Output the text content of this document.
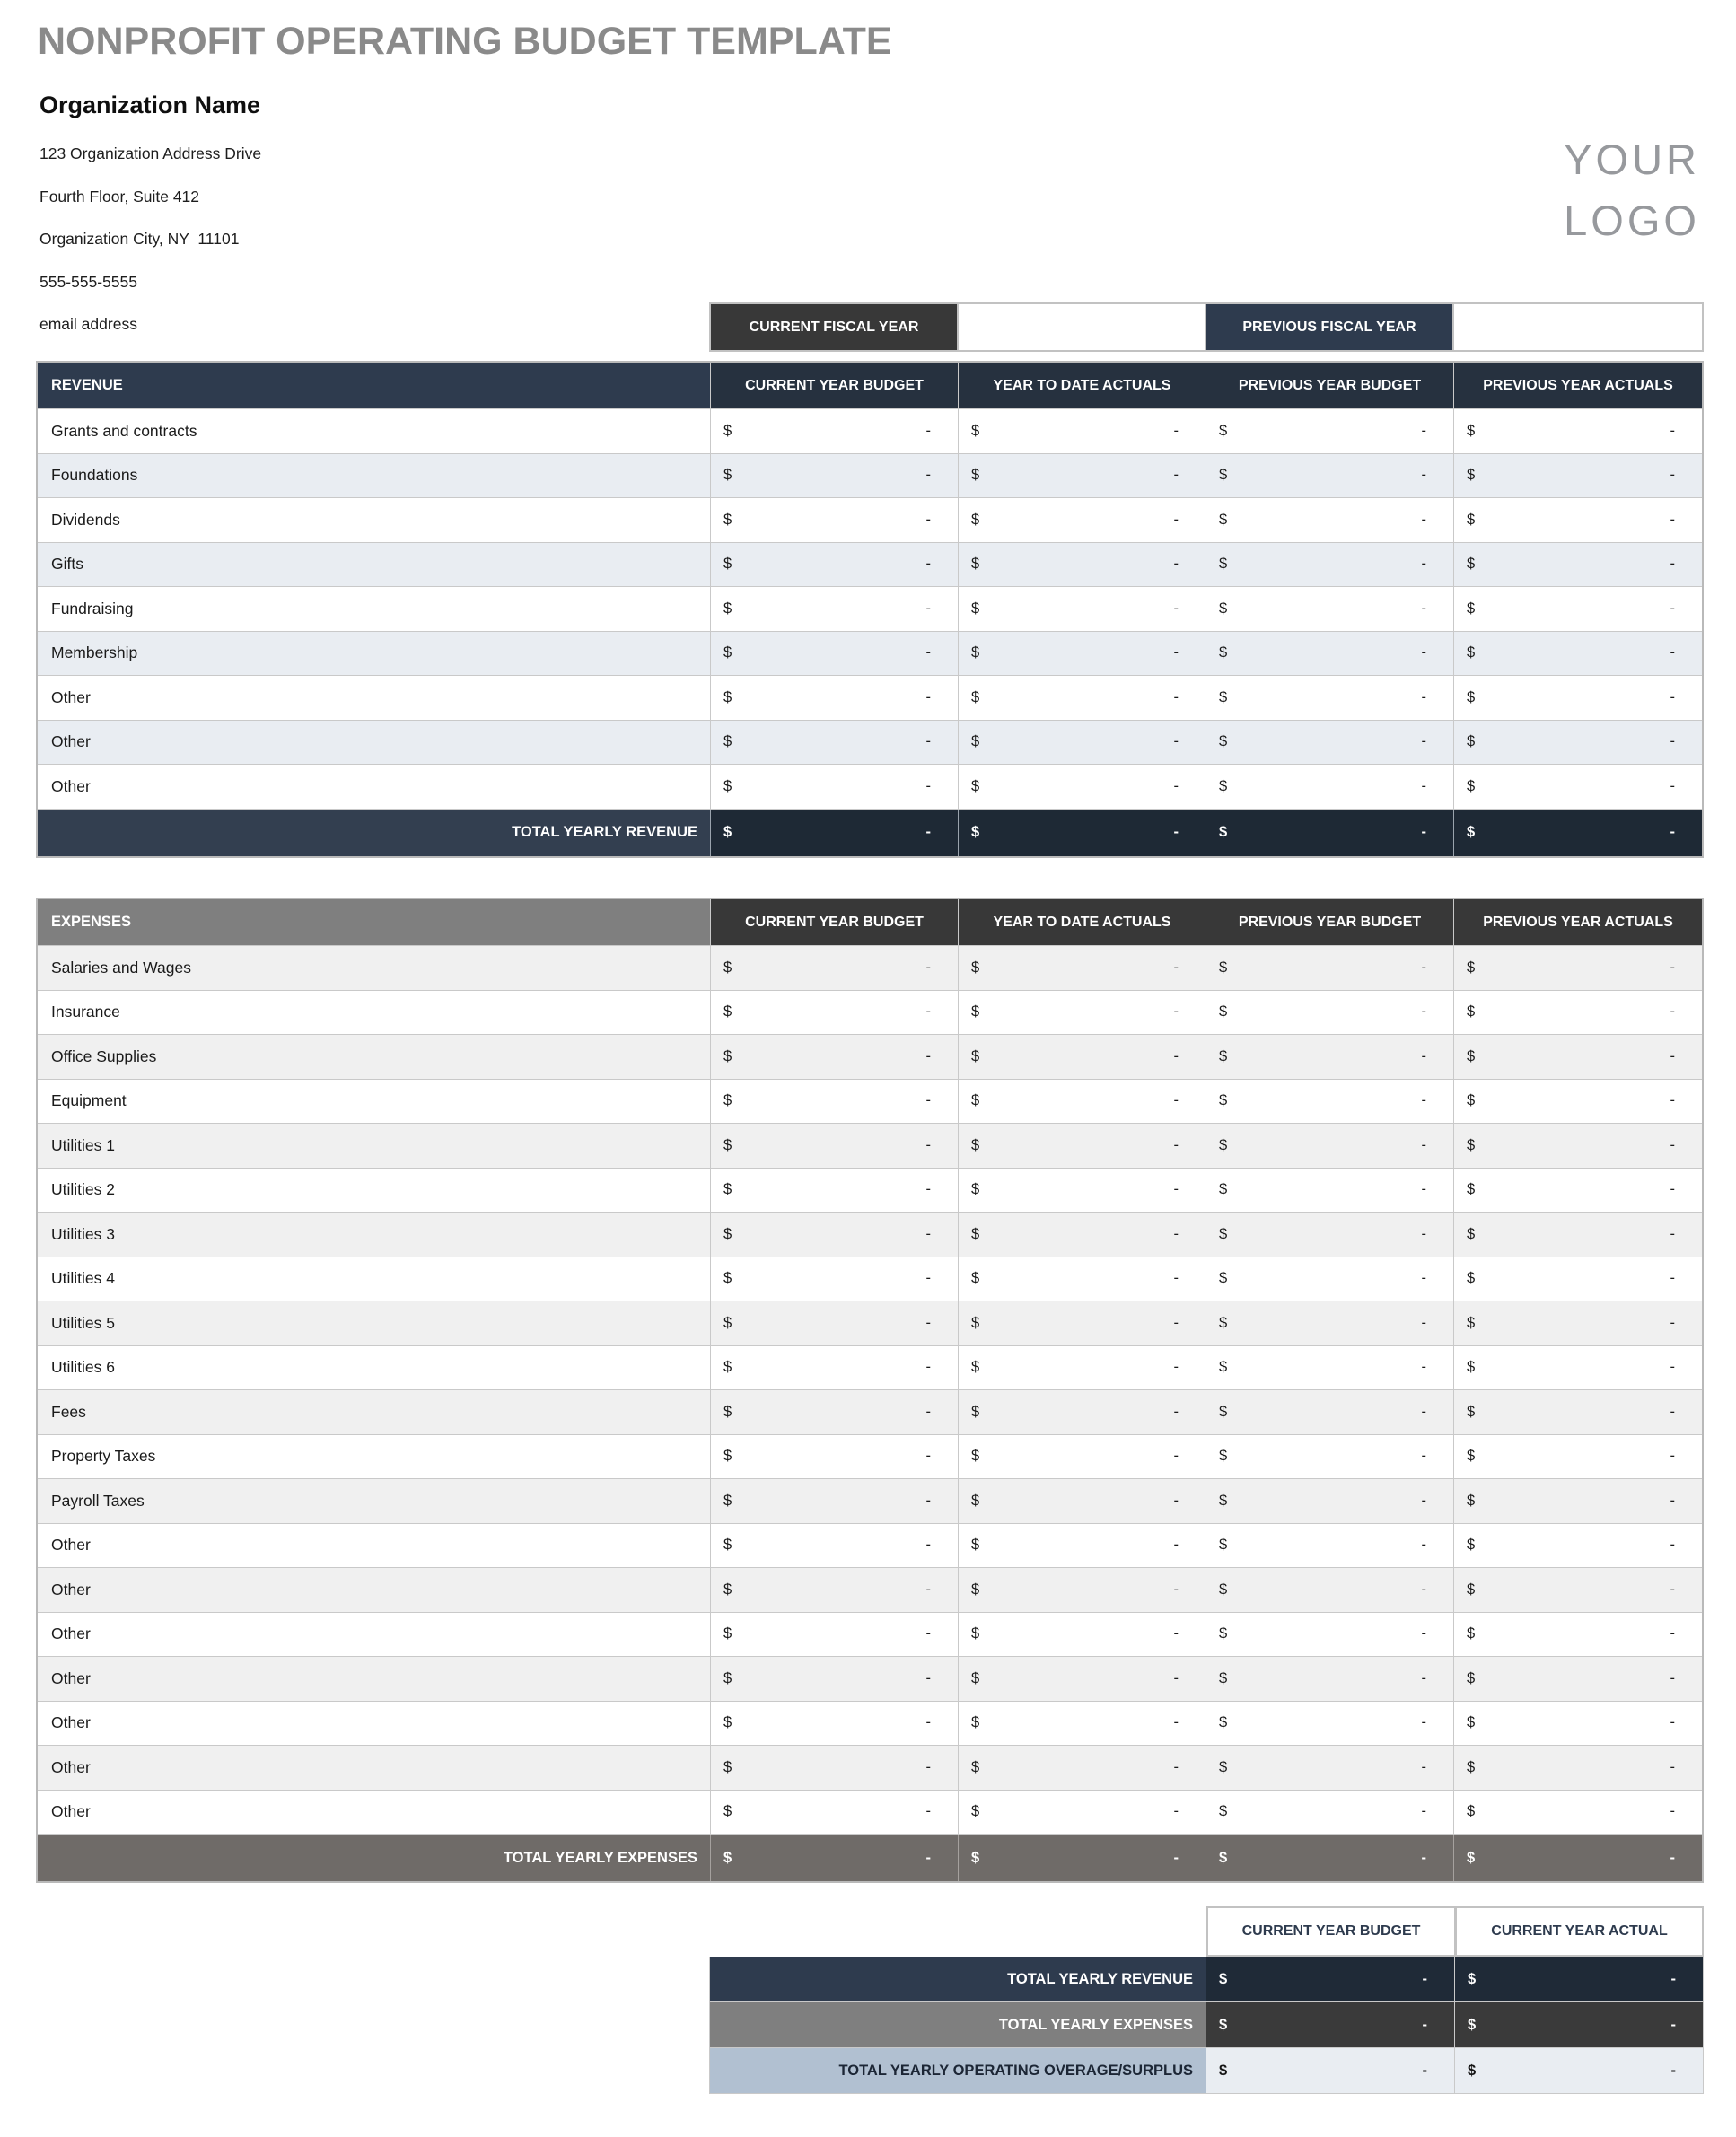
NONPROFIT OPERATING BUDGET TEMPLATE
Organization Name
123 Organization Address Drive
Fourth Floor, Suite 412
Organization City, NY  11101
555-555-5555
email address
YOUR
LOGO
CURRENT FISCAL YEAR	PREVIOUS FISCAL YEAR
REVENUE	CURRENT YEAR BUDGET	YEAR TO DATE ACTUALS	PREVIOUS YEAR BUDGET	PREVIOUS YEAR ACTUALS
Grants and contracts	$	-	$	-	$	-	$	-
Foundations	$	-	$	-	$	-	$	-
Dividends	$	-	$	-	$	-	$	-
Gifts	$	-	$	-	$	-	$	-
Fundraising	$	-	$	-	$	-	$	-
Membership	$	-	$	-	$	-	$	-
Other	$	-	$	-	$	-	$	-
Other	$	-	$	-	$	-	$	-
Other	$	-	$	-	$	-	$	-
TOTAL YEARLY REVENUE	$	-	$	-	$	-	$	-
EXPENSES	CURRENT YEAR BUDGET	YEAR TO DATE ACTUALS	PREVIOUS YEAR BUDGET	PREVIOUS YEAR ACTUALS
Salaries and Wages	$	-	$	-	$	-	$	-
Insurance	$	-	$	-	$	-	$	-
Office Supplies	$	-	$	-	$	-	$	-
Equipment	$	-	$	-	$	-	$	-
Utilities 1	$	-	$	-	$	-	$	-
Utilities 2	$	-	$	-	$	-	$	-
Utilities 3	$	-	$	-	$	-	$	-
Utilities 4	$	-	$	-	$	-	$	-
Utilities 5	$	-	$	-	$	-	$	-
Utilities 6	$	-	$	-	$	-	$	-
Fees	$	-	$	-	$	-	$	-
Property Taxes	$	-	$	-	$	-	$	-
Payroll Taxes	$	-	$	-	$	-	$	-
Other	$	-	$	-	$	-	$	-
Other	$	-	$	-	$	-	$	-
Other	$	-	$	-	$	-	$	-
Other	$	-	$	-	$	-	$	-
Other	$	-	$	-	$	-	$	-
Other	$	-	$	-	$	-	$	-
Other	$	-	$	-	$	-	$	-
TOTAL YEARLY EXPENSES	$	-	$	-	$	-	$	-
CURRENT YEAR BUDGET	CURRENT YEAR ACTUAL
TOTAL YEARLY REVENUE	$	-	$	-
TOTAL YEARLY EXPENSES	$	-	$	-
TOTAL YEARLY OPERATING OVERAGE/SURPLUS	$	-	$	-
